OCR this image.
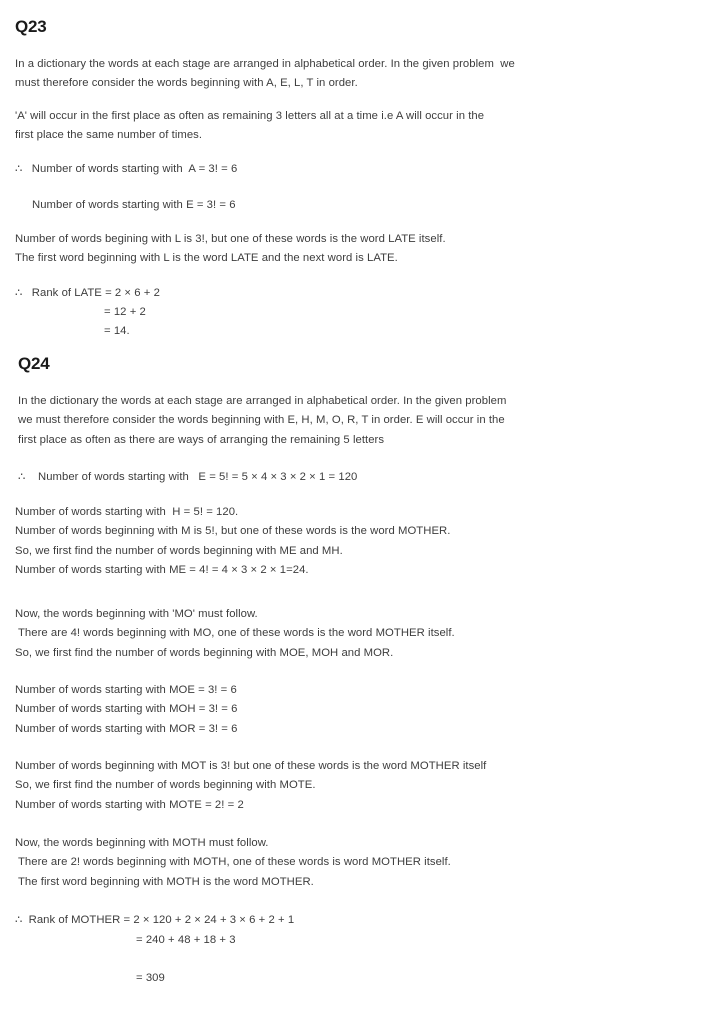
Q23
In a dictionary the words at each stage are arranged in alphabetical order. In the given problem  we
must therefore consider the words beginning with A, E, L, T in order.
'A' will occur in the first place as often as remaining 3 letters all at a time i.e A will occur in the
first place the same number of times.
∴   Number of words starting with  A = 3! = 6
Number of words starting with E = 3! = 6
Number of words begining with L is 3!, but one of these words is the word LATE itself.
The first word beginning with L is the word LATE and the next word is LATE.
∴   Rank of LATE = 2 × 6 + 2
= 12 + 2
= 14.
Q24
In the dictionary the words at each stage are arranged in alphabetical order. In the given problem
we must therefore consider the words beginning with E, H, M, O, R, T in order. E will occur in the
first place as often as there are ways of arranging the remaining 5 letters
∴    Number of words starting with   E = 5! = 5 × 4 × 3 × 2 × 1 = 120
Number of words starting with  H = 5! = 120.
Number of words beginning with M is 5!, but one of these words is the word MOTHER.
So, we first find the number of words beginning with ME and MH.
Number of words starting with ME = 4! = 4 × 3 × 2 × 1=24.
Now, the words beginning with 'MO' must follow.
There are 4! words beginning with MO, one of these words is the word MOTHER itself.
So, we first find the number of words beginning with MOE, MOH and MOR.
Number of words starting with MOE = 3! = 6
Number of words starting with MOH = 3! = 6
Number of words starting with MOR = 3! = 6
Number of words beginning with MOT is 3! but one of these words is the word MOTHER itself
So, we first find the number of words beginning with MOTE.
Number of words starting with MOTE = 2! = 2
Now, the words beginning with MOTH must follow.
There are 2! words beginning with MOTH, one of these words is word MOTHER itself.
The first word beginning with MOTH is the word MOTHER.
∴  Rank of MOTHER = 2 × 120 + 2 × 24 + 3 × 6 + 2 + 1
= 240 + 48 + 18 + 3
= 309
